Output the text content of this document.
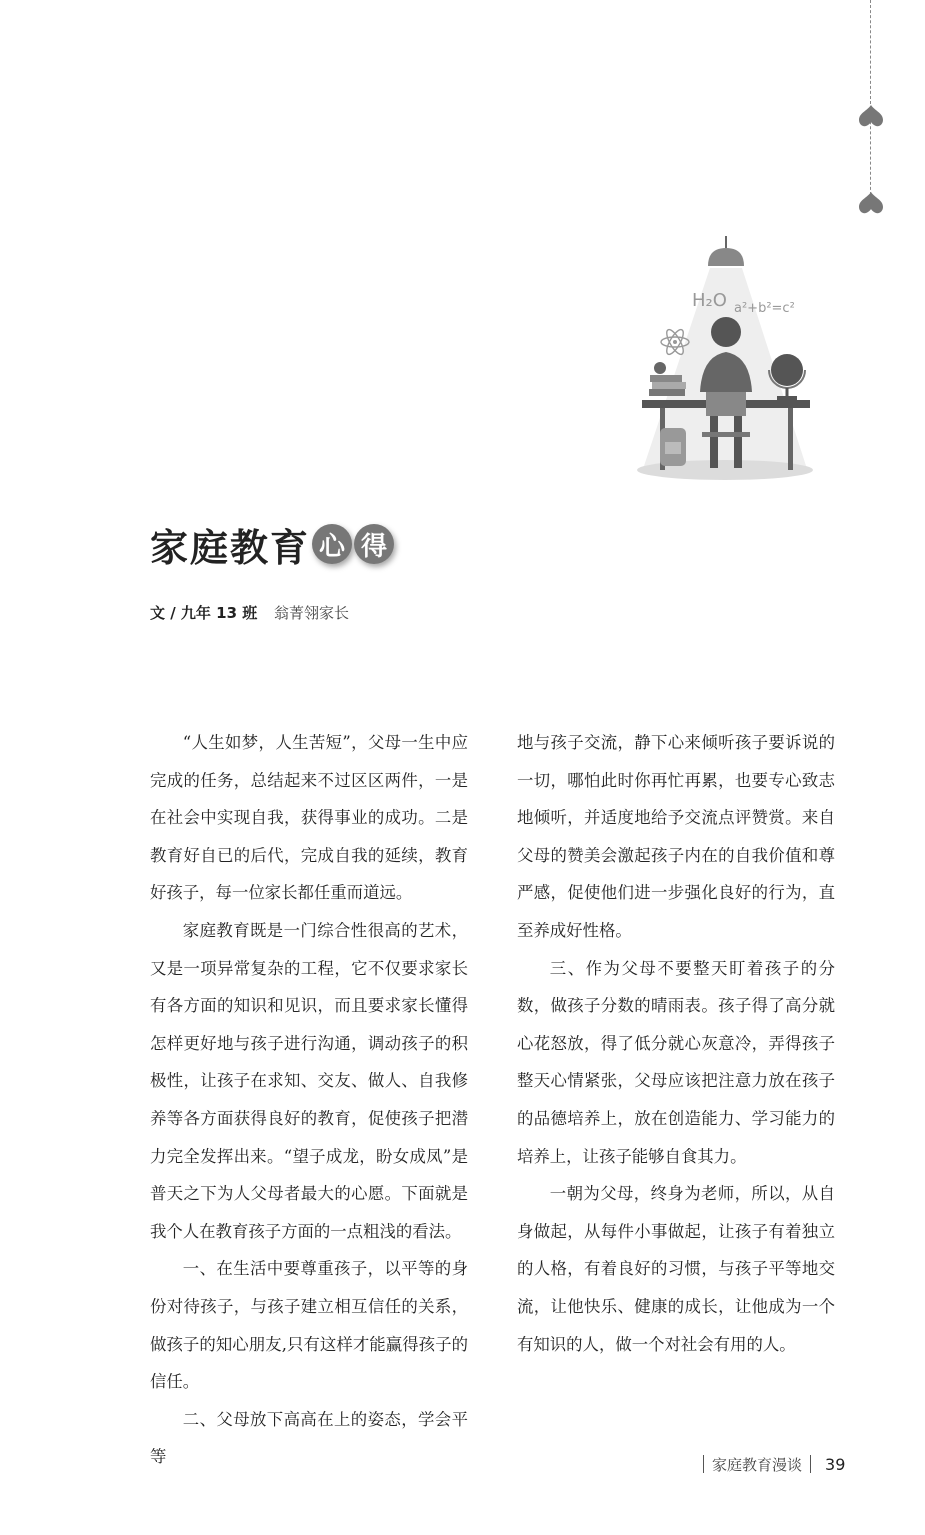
H₂O a²+b²=c²
家庭教育 心 得
文 / 九年 13 班 翁菁翎家长

“人生如梦，人生苦短”，父母一生中应完成的任务，总结起来不过区区两件，一是在社会中实现自我，获得事业的成功。二是教育好自已的后代，完成自我的延续，教育好孩子，每一位家长都任重而道远。

家庭教育既是一门综合性很高的艺术，又是一项异常复杂的工程，它不仅要求家长有各方面的知识和见识，而且要求家长懂得怎样更好地与孩子进行沟通，调动孩子的积极性，让孩子在求知、交友、做人、自我修养等各方面获得良好的教育，促使孩子把潜力完全发挥出来。“望子成龙，盼女成凤”是普天之下为人父母者最大的心愿。下面就是我个人在教育孩子方面的一点粗浅的看法。

一、在生活中要尊重孩子，以平等的身份对待孩子，与孩子建立相互信任的关系，做孩子的知心朋友,只有这样才能赢得孩子的信任。

二、父母放下高高在上的姿态，学会平等

地与孩子交流，静下心来倾听孩子要诉说的一切，哪怕此时你再忙再累，也要专心致志地倾听，并适度地给予交流点评赞赏。来自父母的赞美会激起孩子内在的自我价值和尊严感，促使他们进一步强化良好的行为，直至养成好性格。

三、作为父母不要整天盯着孩子的分数，做孩子分数的晴雨表。孩子得了高分就心花怒放，得了低分就心灰意冷，弄得孩子整天心情紧张，父母应该把注意力放在孩子的品德培养上，放在创造能力、学习能力的培养上，让孩子能够自食其力。

一朝为父母，终身为老师，所以，从自身做起，从每件小事做起，让孩子有着独立的人格，有着良好的习惯，与孩子平等地交流，让他快乐、健康的成长，让他成为一个有知识的人，做一个对社会有用的人。

家庭教育漫谈 39
